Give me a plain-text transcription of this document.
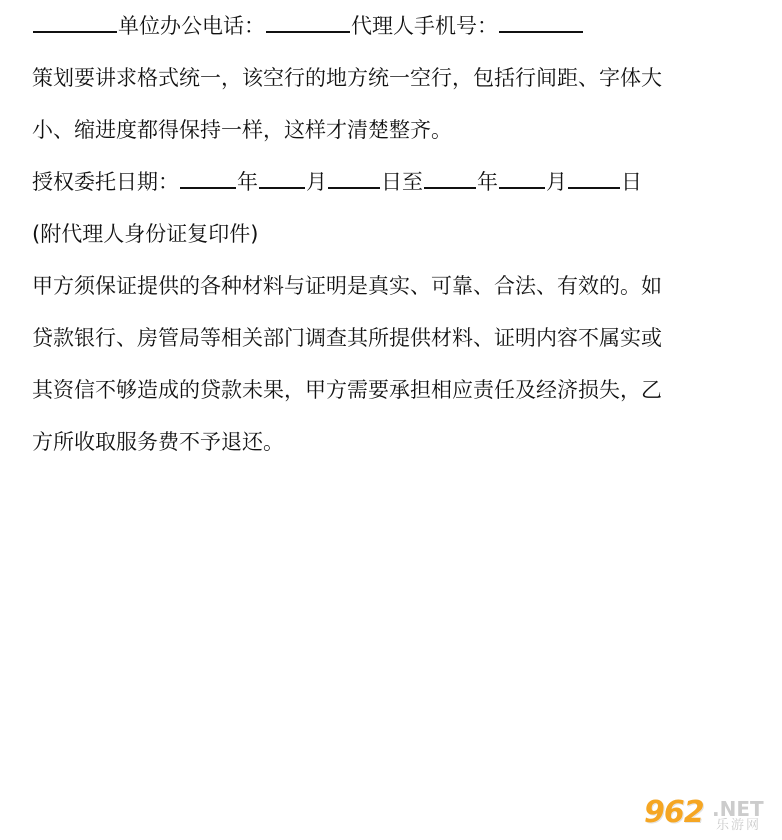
单位办公电话：	代理人手机号：
策划要讲求格式统一，该空行的地方统一空行，包括行间距、字体大
小、缩进度都得保持一样，这样才清楚整齐。
授权委托日期：	年 月	日至	年 月	日
(附代理人身份证复印件)
甲方须保证提供的各种材料与证明是真实、可靠、合法、有效的。如
贷款银行、房管局等相关部门调查其所提供材料、证明内容不属实或
其资信不够造成的贷款未果，甲方需要承担相应责任及经济损失，乙
方所收取服务费不予退还。
962 .NET
乐游网
